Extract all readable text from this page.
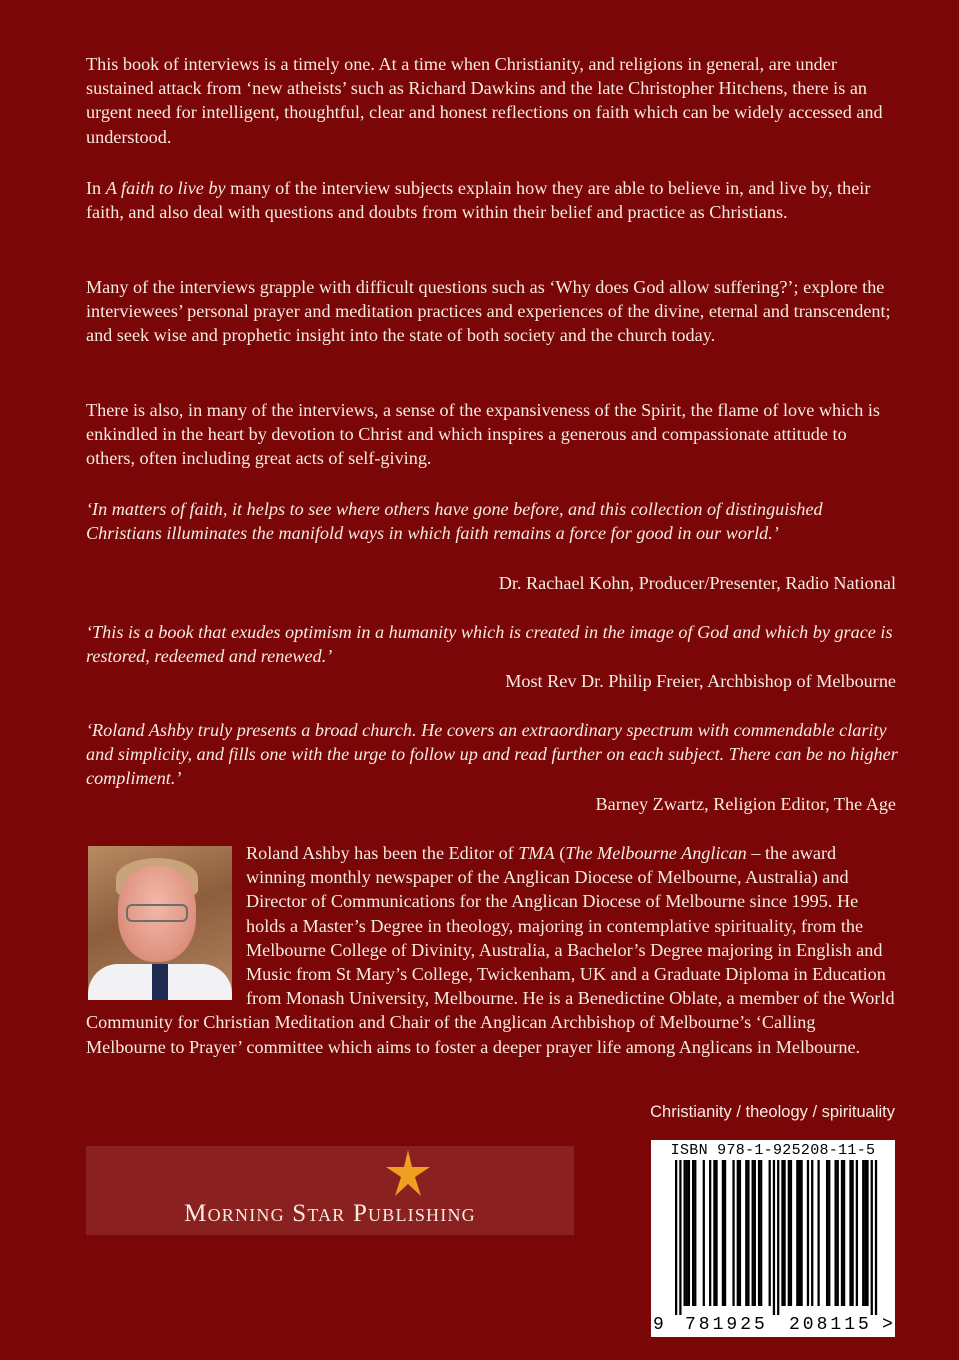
This book of interviews is a timely one. At a time when Christianity, and religions in general, are under sustained attack from ‘new atheists’ such as Richard Dawkins and the late Christopher Hitchens, there is an urgent need for intelligent, thoughtful, clear and honest reflections on faith which can be widely accessed and understood.

In A faith to live by many of the interview subjects explain how they are able to believe in, and live by, their faith, and also deal with questions and doubts from within their belief and practice as Christians.

Many of the interviews grapple with difficult questions such as ‘Why does God allow suffering?’; explore the interviewees’ personal prayer and meditation practices and experiences of the divine, eternal and transcendent; and seek wise and prophetic insight into the state of both society and the church today.

There is also, in many of the interviews, a sense of the expansiveness of the Spirit, the flame of love which is enkindled in the heart by devotion to Christ and which inspires a generous and compassionate attitude to others, often including great acts of self-giving.

‘In matters of faith, it helps to see where others have gone before, and this collection of distinguished Christians illuminates the manifold ways in which faith remains a force for good in our world.’

Dr. Rachael Kohn, Producer/Presenter, Radio National

‘This is a book that exudes optimism in a humanity which is created in the image of God and which by grace is restored, redeemed and renewed.’

Most Rev Dr. Philip Freier, Archbishop of Melbourne

‘Roland Ashby truly presents a broad church. He covers an extraordinary spectrum with commendable clarity and simplicity, and fills one with the urge to follow up and read further on each subject. There can be no higher compliment.’

Barney Zwartz, Religion Editor, The Age

Roland Ashby has been the Editor of TMA (The Melbourne Anglican – the award winning monthly newspaper of the Anglican Diocese of Melbourne, Australia) and Director of Communications for the Anglican Diocese of Melbourne since 1995. He holds a Master’s Degree in theology, majoring in contemplative spirituality, from the Melbourne College of Divinity, Australia, a Bachelor’s Degree majoring in English and Music from St Mary’s College, Twickenham, UK and a Graduate Diploma in Education from Monash University, Melbourne. He is a Benedictine Oblate, a member of the World Community for Christian Meditation and Chair of the Anglican Archbishop of Melbourne’s ‘Calling Melbourne to Prayer’ committee which aims to foster a deeper prayer life among Anglicans in Melbourne.

Christianity / theology / spirituality

Morning Star Publishing
ISBN 978-1-925208-11-5
9 781925 208115 >
